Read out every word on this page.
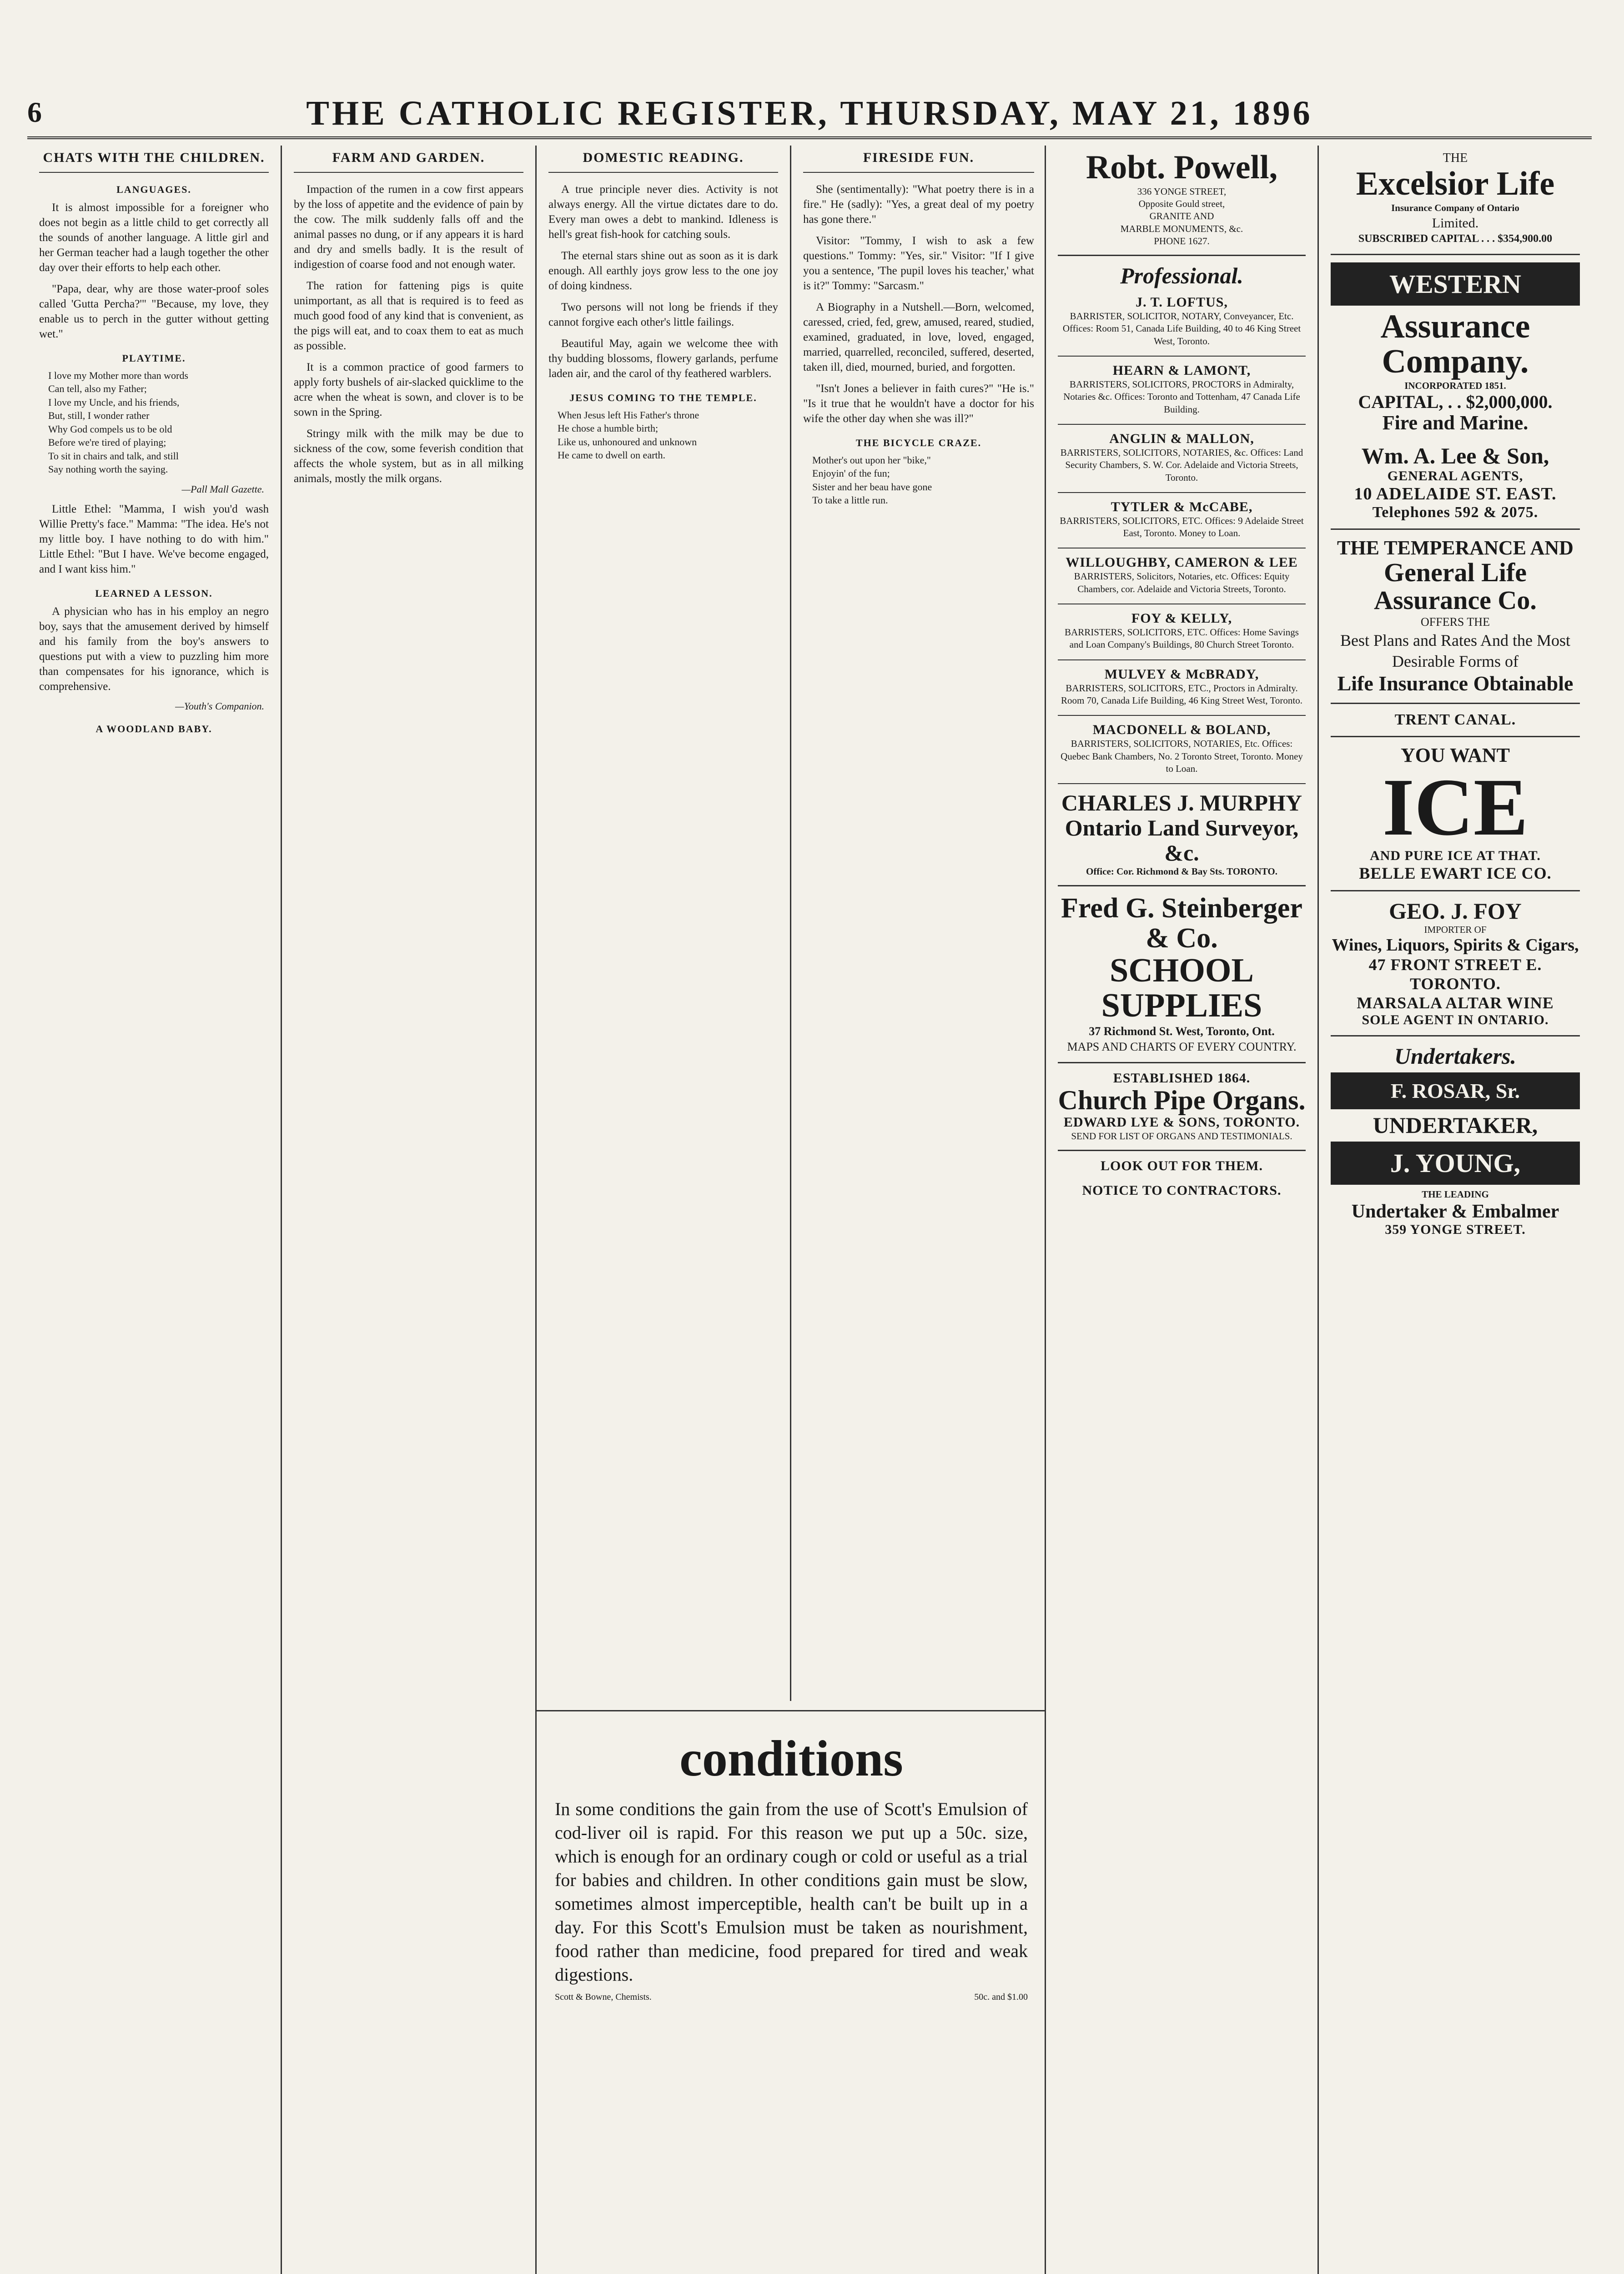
6	THE CATHOLIC REGISTER, THURSDAY, MAY 21, 1896
CHATS WITH THE CHILDREN.
LANGUAGES.

It is almost impossible for a foreigner who does not begin as a little child to get correctly all the sounds of another language. A little girl and her German teacher had a laugh together the other day over their efforts to help each other.

"Papa, dear, why are those water-proof soles called 'Gutta Percha?'" "Because, my love, they enable us to perch in the gutter without getting wet."

PLAYTIME.
I love my Mother more than words
Can tell, also my Father;
I love my Uncle, and his friends,
But, still, I wonder rather
Why God compels us to be old
Before we're tired of playing;
To sit in chairs and talk, and still
Say nothing worth the saying.
—Pall Mall Gazette.

Little Ethel: "Mamma, I wish you'd wash Willie Pretty's face." Mamma: "The idea. He's not my little boy. I have nothing to do with him." Little Ethel: "But I have. We've become engaged, and I want kiss him."

LEARNED A LESSON.

A physician who has in his employ an negro boy, says that the amusement derived by himself and his family from the boy's answers to questions put with a view to puzzling him more than compensates for his ignorance, which is comprehensive.

—Youth's Companion.
A WOODLAND BABY.
FARM AND GARDEN.

Impaction of the rumen in a cow first appears by the loss of appetite and the evidence of pain by the cow. The milk suddenly falls off and the animal passes no dung, or if any appears it is hard and dry and smells badly. It is the result of indigestion of coarse food and not enough water.

The ration for fattening pigs is quite unimportant, as all that is required is to feed as much good food of any kind that is convenient, as the pigs will eat, and to coax them to eat as much as possible.

It is a common practice of good farmers to apply forty bushels of air-slacked quicklime to the acre when the wheat is sown, and clover is to be sown in the Spring.

Stringy milk with the milk may be due to sickness of the cow, some feverish condition that affects the whole system, but as in all milking animals, mostly the milk organs.

DOMESTIC READING.

A true principle never dies. Activity is not always energy. All the virtue dictates dare to do. Every man owes a debt to mankind. Idleness is hell's great fish-hook for catching souls.

The eternal stars shine out as soon as it is dark enough. All earthly joys grow less to the one joy of doing kindness.

Two persons will not long be friends if they cannot forgive each other's little failings.

Beautiful May, again we welcome thee with thy budding blossoms, flowery garlands, perfume laden air, and the carol of thy feathered warblers.

JESUS COMING TO THE TEMPLE.
When Jesus left His Father's throne
He chose a humble birth;
Like us, unhonoured and unknown
He came to dwell on earth.
FIRESIDE FUN.

She (sentimentally): "What poetry there is in a fire." He (sadly): "Yes, a great deal of my poetry has gone there."

Visitor: "Tommy, I wish to ask a few questions." Tommy: "Yes, sir." Visitor: "If I give you a sentence, 'The pupil loves his teacher,' what is it?" Tommy: "Sarcasm."

A Biography in a Nutshell.—Born, welcomed, caressed, cried, fed, grew, amused, reared, studied, examined, graduated, in love, loved, engaged, married, quarrelled, reconciled, suffered, deserted, taken ill, died, mourned, buried, and forgotten.

"Isn't Jones a believer in faith cures?" "He is." "Is it true that he wouldn't have a doctor for his wife the other day when she was ill?"

THE BICYCLE CRAZE.
Mother's out upon her "bike,"
Enjoyin' of the fun;
Sister and her beau have gone
To take a little run.
conditions

In some conditions the gain from the use of Scott's Emulsion of cod-liver oil is rapid. For this reason we put up a 50c. size, which is enough for an ordinary cough or cold or useful as a trial for babies and children. In other conditions gain must be slow, sometimes almost imperceptible, health can't be built up in a day. For this Scott's Emulsion must be taken as nourishment, food rather than medicine, food prepared for tired and weak digestions.

Scott & Bowne, Chemists.	50c. and $1.00
Robt. Powell,
336 YONGE STREET,
Opposite Gould street,
GRANITE AND
MARBLE MONUMENTS, &c.
PHONE 1627.
Professional.
J. T. LOFTUS,
BARRISTER, SOLICITOR, NOTARY, Conveyancer, Etc. Offices: Room 51, Canada Life Building, 40 to 46 King Street West, Toronto.
HEARN & LAMONT,
BARRISTERS, SOLICITORS, PROCTORS in Admiralty, Notaries &c. Offices: Toronto and Tottenham, 47 Canada Life Building.
ANGLIN & MALLON,
BARRISTERS, SOLICITORS, NOTARIES, &c. Offices: Land Security Chambers, S. W. Cor. Adelaide and Victoria Streets, Toronto.
TYTLER & McCABE,
BARRISTERS, SOLICITORS, ETC. Offices: 9 Adelaide Street East, Toronto. Money to Loan.
WILLOUGHBY, CAMERON & LEE
BARRISTERS, Solicitors, Notaries, etc. Offices: Equity Chambers, cor. Adelaide and Victoria Streets, Toronto.
FOY & KELLY,
BARRISTERS, SOLICITORS, ETC. Offices: Home Savings and Loan Company's Buildings, 80 Church Street Toronto.
MULVEY & McBRADY,
BARRISTERS, SOLICITORS, ETC., Proctors in Admiralty. Room 70, Canada Life Building, 46 King Street West, Toronto.
MACDONELL & BOLAND,
BARRISTERS, SOLICITORS, NOTARIES, Etc. Offices: Quebec Bank Chambers, No. 2 Toronto Street, Toronto. Money to Loan.
CHARLES J. MURPHY
Ontario Land Surveyor, &c.
Office: Cor. Richmond & Bay Sts. TORONTO.
Fred G. Steinberger & Co.
SCHOOL SUPPLIES
37 Richmond St. West, Toronto, Ont.
MAPS AND CHARTS OF EVERY COUNTRY.
ESTABLISHED 1864.
Church Pipe Organs.
EDWARD LYE & SONS, TORONTO.
SEND FOR LIST OF ORGANS AND TESTIMONIALS.
LOOK OUT FOR THEM.
NOTICE TO CONTRACTORS.
THE
Excelsior Life
Insurance Company of Ontario
Limited.
SUBSCRIBED CAPITAL . . . $354,900.00
WESTERN
Assurance Company.
INCORPORATED 1851.
CAPITAL, . . $2,000,000.
Fire and Marine.
Wm. A. Lee & Son,
GENERAL AGENTS,
10 ADELAIDE ST. EAST.
Telephones 592 & 2075.
THE TEMPERANCE AND
General Life Assurance Co.
OFFERS THE
Best Plans and Rates And the Most Desirable Forms of
Life Insurance Obtainable
TRENT CANAL.
YOU WANT
ICE
AND PURE ICE AT THAT.
BELLE EWART ICE CO.
GEO. J. FOY
IMPORTER OF
Wines, Liquors, Spirits & Cigars,
47 FRONT STREET E.
TORONTO.
MARSALA ALTAR WINE
SOLE AGENT IN ONTARIO.
Undertakers.
F. ROSAR, Sr.
UNDERTAKER,
J. YOUNG,
THE LEADING
Undertaker & Embalmer
359 YONGE STREET.
